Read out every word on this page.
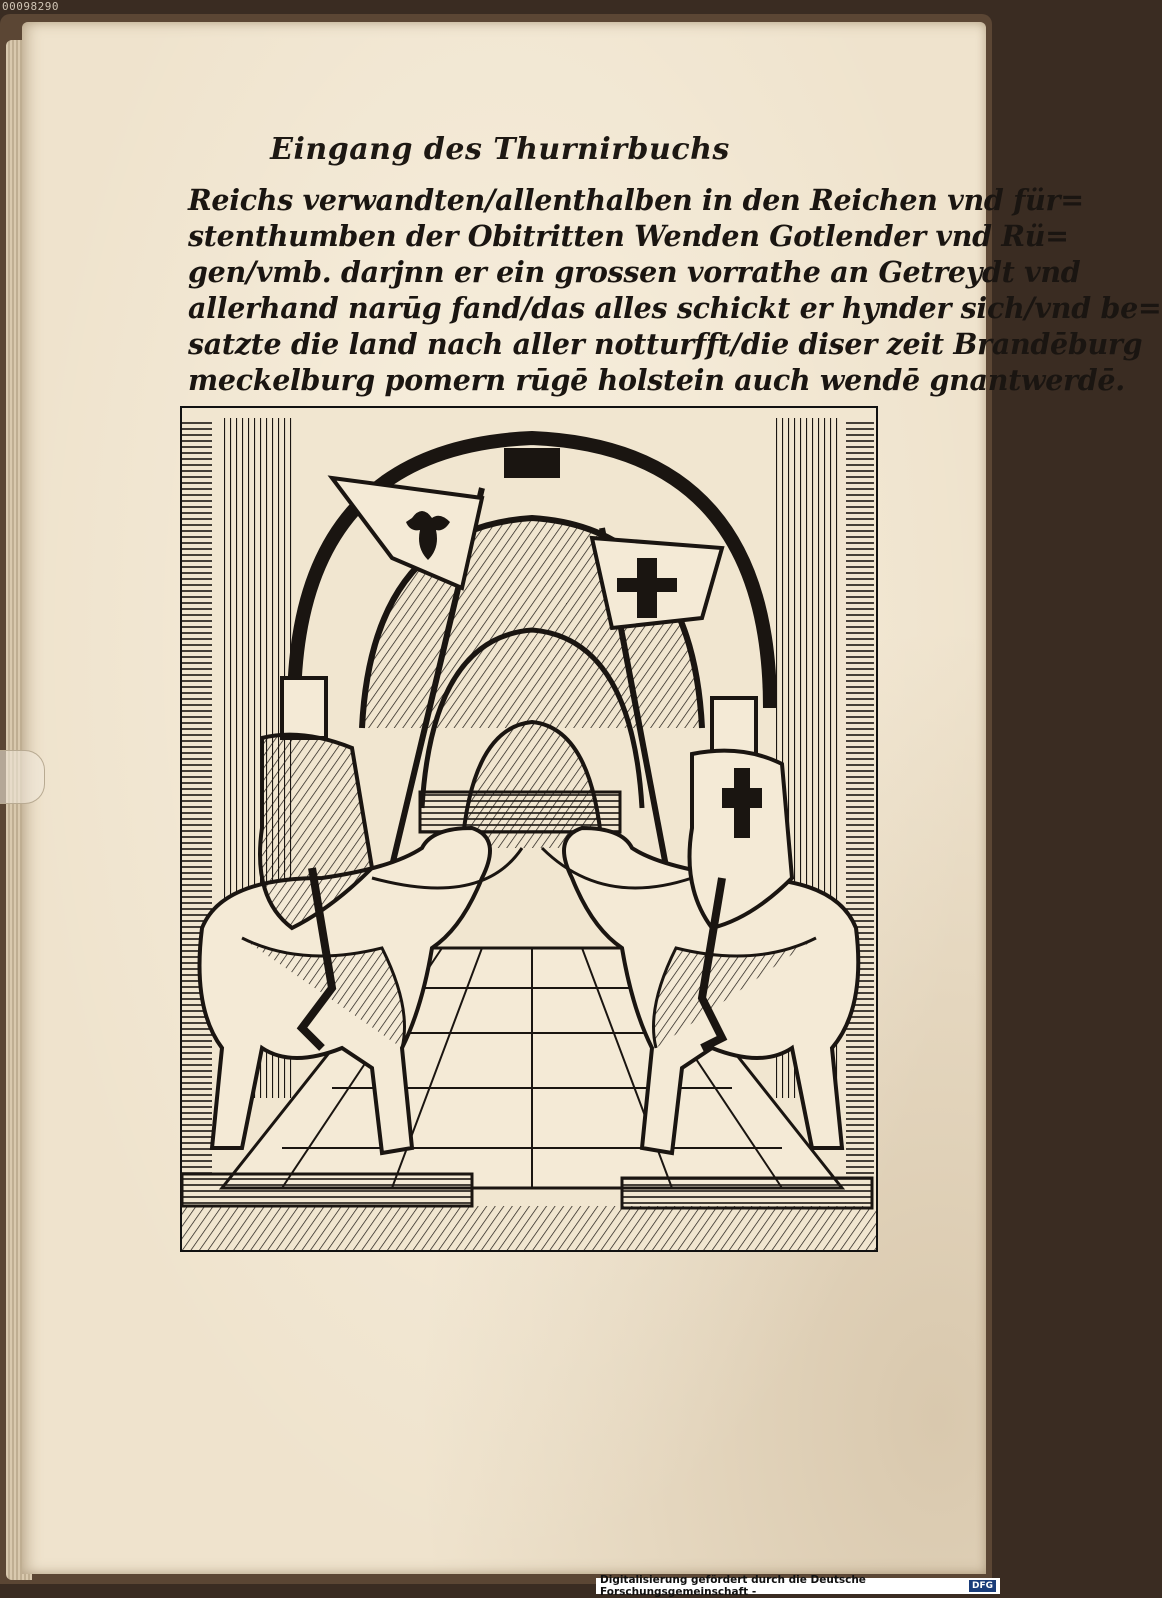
00098290
Eingang des Thurnirbuchs
Reichs verwandten/allenthalben in den Reichen vnd für=
stenthumben der Obitritten Wenden Gotlender vnd Rü=
gen/vmb. darjnn er ein grossen vorrathe an Getreydt vnd
allerhand narūg fand/das alles schickt er hynder sich/vnd be=
satzte die land nach aller notturfft/die diser zeit Brandēburg
meckelburg pomern rūgē holstein auch wendē gnantwerdē.
Digitalisierung gefördert durch die Deutsche Forschungsgemeinschaft -	DFG
